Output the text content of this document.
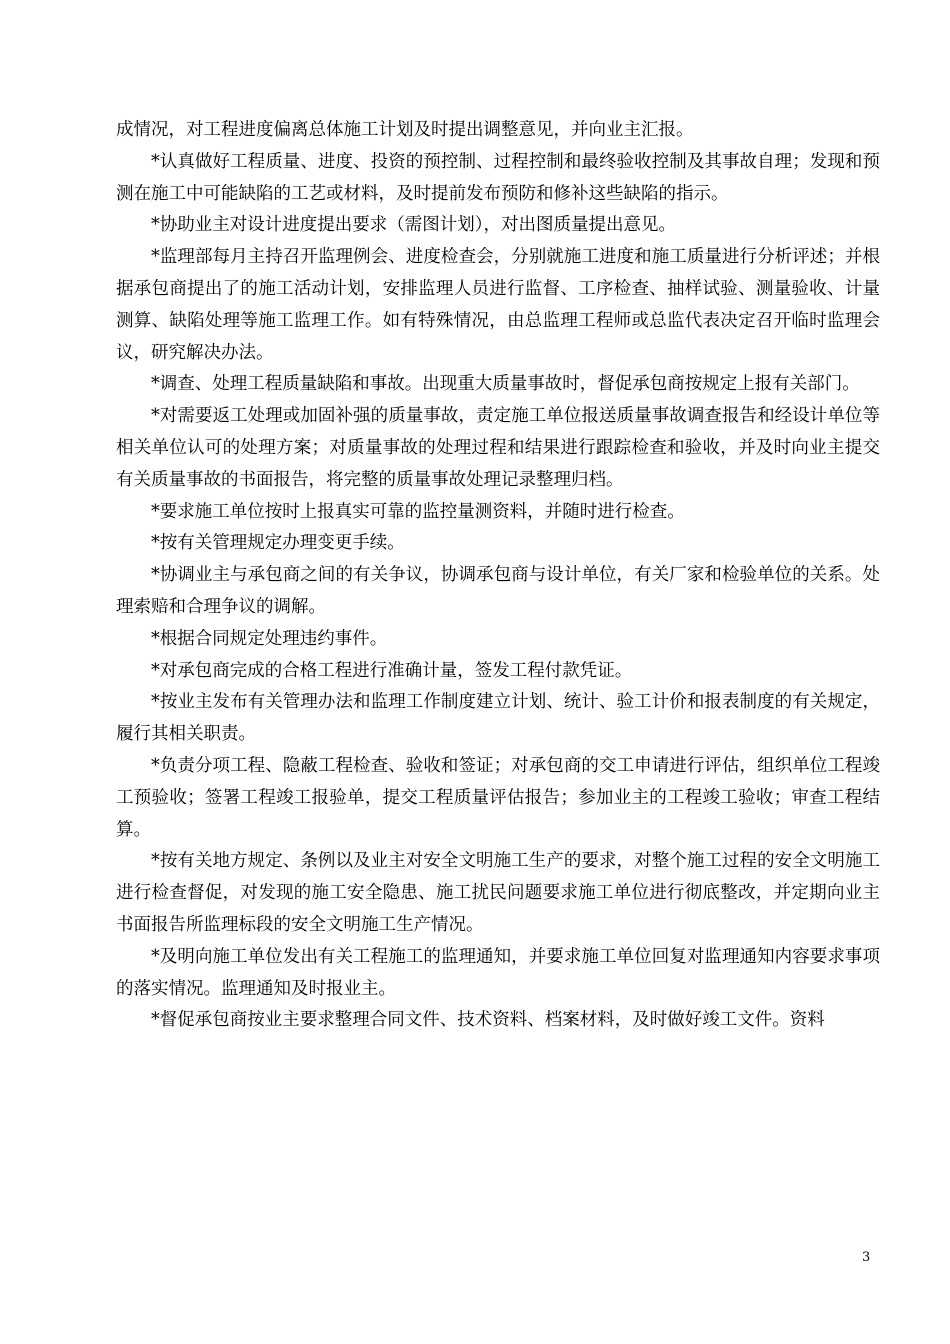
成情况，对工程进度偏离总体施工计划及时提出调整意见，并向业主汇报。

*认真做好工程质量、进度、投资的预控制、过程控制和最终验收控制及其事故自理；发现和预测在施工中可能缺陷的工艺或材料，及时提前发布预防和修补这些缺陷的指示。

*协助业主对设计进度提出要求（需图计划），对出图质量提出意见。

*监理部每月主持召开监理例会、进度检查会，分别就施工进度和施工质量进行分析评述；并根据承包商提出了的施工活动计划，安排监理人员进行监督、工序检查、抽样试验、测量验收、计量测算、缺陷处理等施工监理工作。如有特殊情况，由总监理工程师或总监代表决定召开临时监理会议，研究解决办法。

*调查、处理工程质量缺陷和事故。出现重大质量事故时，督促承包商按规定上报有关部门。

*对需要返工处理或加固补强的质量事故，责定施工单位报送质量事故调查报告和经设计单位等相关单位认可的处理方案；对质量事故的处理过程和结果进行跟踪检查和验收，并及时向业主提交有关质量事故的书面报告，将完整的质量事故处理记录整理归档。

*要求施工单位按时上报真实可靠的监控量测资料，并随时进行检查。

*按有关管理规定办理变更手续。

*协调业主与承包商之间的有关争议，协调承包商与设计单位，有关厂家和检验单位的关系。处理索赔和合理争议的调解。

*根据合同规定处理违约事件。

*对承包商完成的合格工程进行准确计量，签发工程付款凭证。

*按业主发布有关管理办法和监理工作制度建立计划、统计、验工计价和报表制度的有关规定，履行其相关职责。

*负责分项工程、隐蔽工程检查、验收和签证；对承包商的交工申请进行评估，组织单位工程竣工预验收；签署工程竣工报验单，提交工程质量评估报告；参加业主的工程竣工验收；审查工程结算。

*按有关地方规定、条例以及业主对安全文明施工生产的要求，对整个施工过程的安全文明施工进行检查督促，对发现的施工安全隐患、施工扰民问题要求施工单位进行彻底整改，并定期向业主书面报告所监理标段的安全文明施工生产情况。

*及明向施工单位发出有关工程施工的监理通知，并要求施工单位回复对监理通知内容要求事项的落实情况。监理通知及时报业主。

*督促承包商按业主要求整理合同文件、技术资料、档案材料，及时做好竣工文件。资料

3
